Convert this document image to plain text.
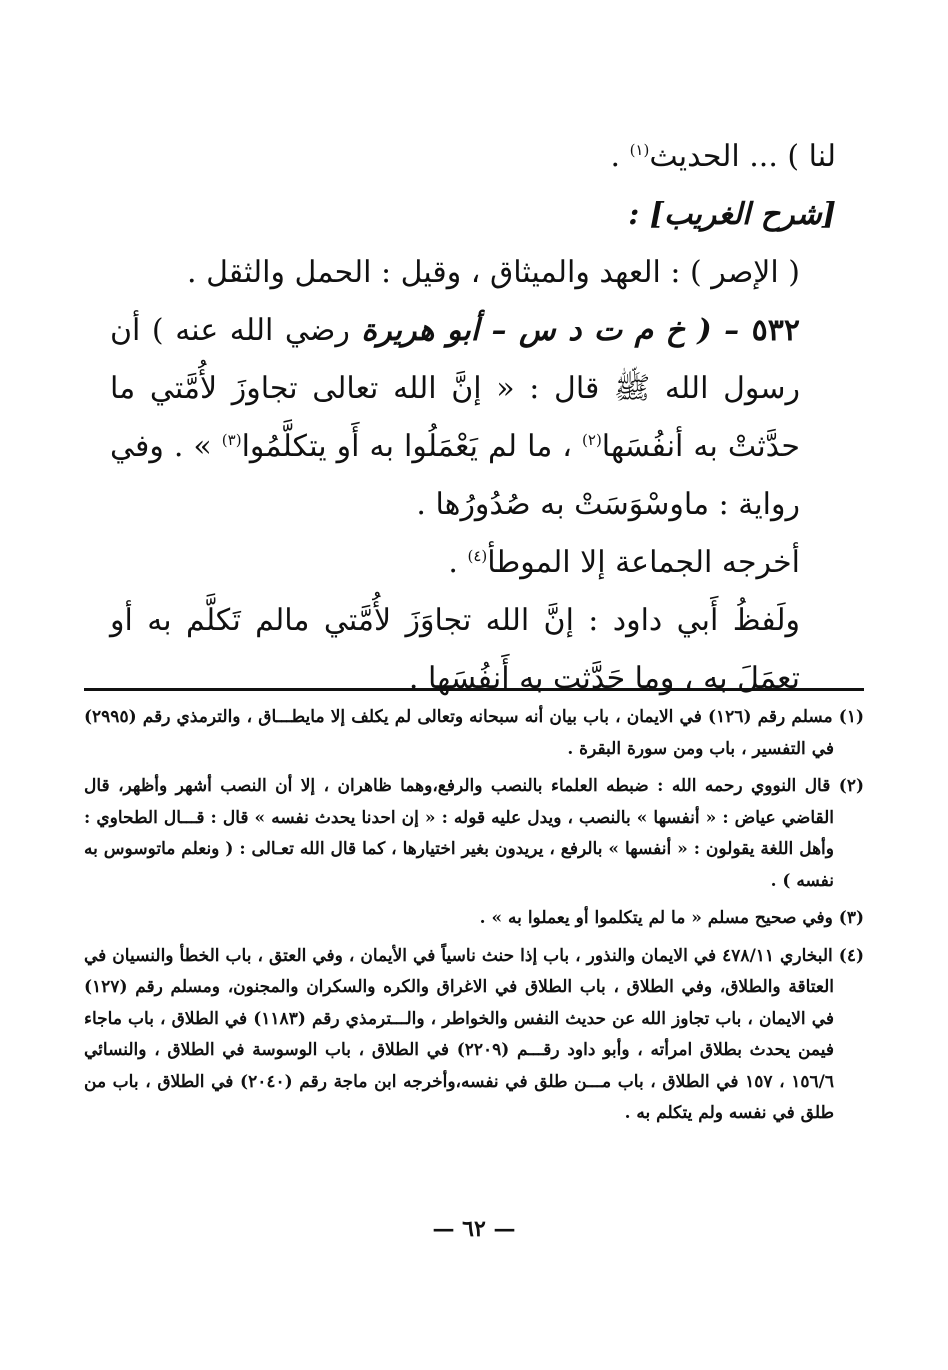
لنا ) ... الحديث$^{(١)}$ .

[شرح الغريب] :

( الإصر ) : العهد والميثاق ، وقيل : الحمل والثقل .

٥٣٢ – ( خ م ت د س – أبو هريرة رضي الله عنه ) أن رسول الله ﷺ قال : « إنَّ الله تعالى تجاوزَ لأُمَّتي ما حدَّثتْ به أنفُسَها$^{(٢)}$ ، ما لم يَعْمَلُوا به أَو يتكلَّمُوا$^{(٣)}$ » . وفي رواية : ماوسْوَسَتْ به صُدُورُها .

أخرجه الجماعة إلا الموطأ$^{(٤)}$ .

ولَفظُ أَبي داود : إنَّ الله تجاوَزَ لأُمَّتي مالم تَكلَّم به أو تعمَلَ به ، وما حَدَّثت به أَنفُسَها .

(١) مسلم رقم (١٢٦) في الايمان ، باب بيان أنه سبحانه وتعالى لم يكلف إلا مايطـــاق ، والترمذي رقم (٢٩٩٥) في التفسير ، باب ومن سورة البقرة .

(٢) قال النووي رحمه الله : ضبطه العلماء بالنصب والرفع،وهما ظاهران ، إلا أن النصب أشهر وأظهر، قال القاضي عياض : « أنفسها » بالنصب ، ويدل عليه قوله : « إن احدنا يحدث نفسه » قال : قـــال الطحاوي : وأهل اللغة يقولون : « أنفسها » بالرفع ، يريدون بغير اختيارها ، كما قال الله تعـالى : ( ونعلم ماتوسوس به نفسه ) .

(٣) وفي صحيح مسلم « ما لم يتكلموا أو يعملوا به » .

(٤) البخاري ٤٧٨/١١ في الايمان والنذور ، باب إذا حنث ناسياً في الأيمان ، وفي العتق ، باب الخطأ والنسيان في العتاقة والطلاق، وفي الطلاق ، باب الطلاق في الاغراق والكره والسكران والمجنون، ومسلم رقم (١٢٧) في الايمان ، باب تجاوز الله عن حديث النفس والخواطر ، والـــترمذي رقم (١١٨٣) في الطلاق ، باب ماجاء فيمن يحدث بطلاق امرأته ، وأبو داود رقـــم (٢٢٠٩) في الطلاق ، باب الوسوسة في الطلاق ، والنسائي ١٥٦/٦ ، ١٥٧ في الطلاق ، باب مـــن طلق في نفسه،وأخرجه ابن ماجة رقم (٢٠٤٠) في الطلاق ، باب من طلق في نفسه ولم يتكلم به .

— ٦٢ —
